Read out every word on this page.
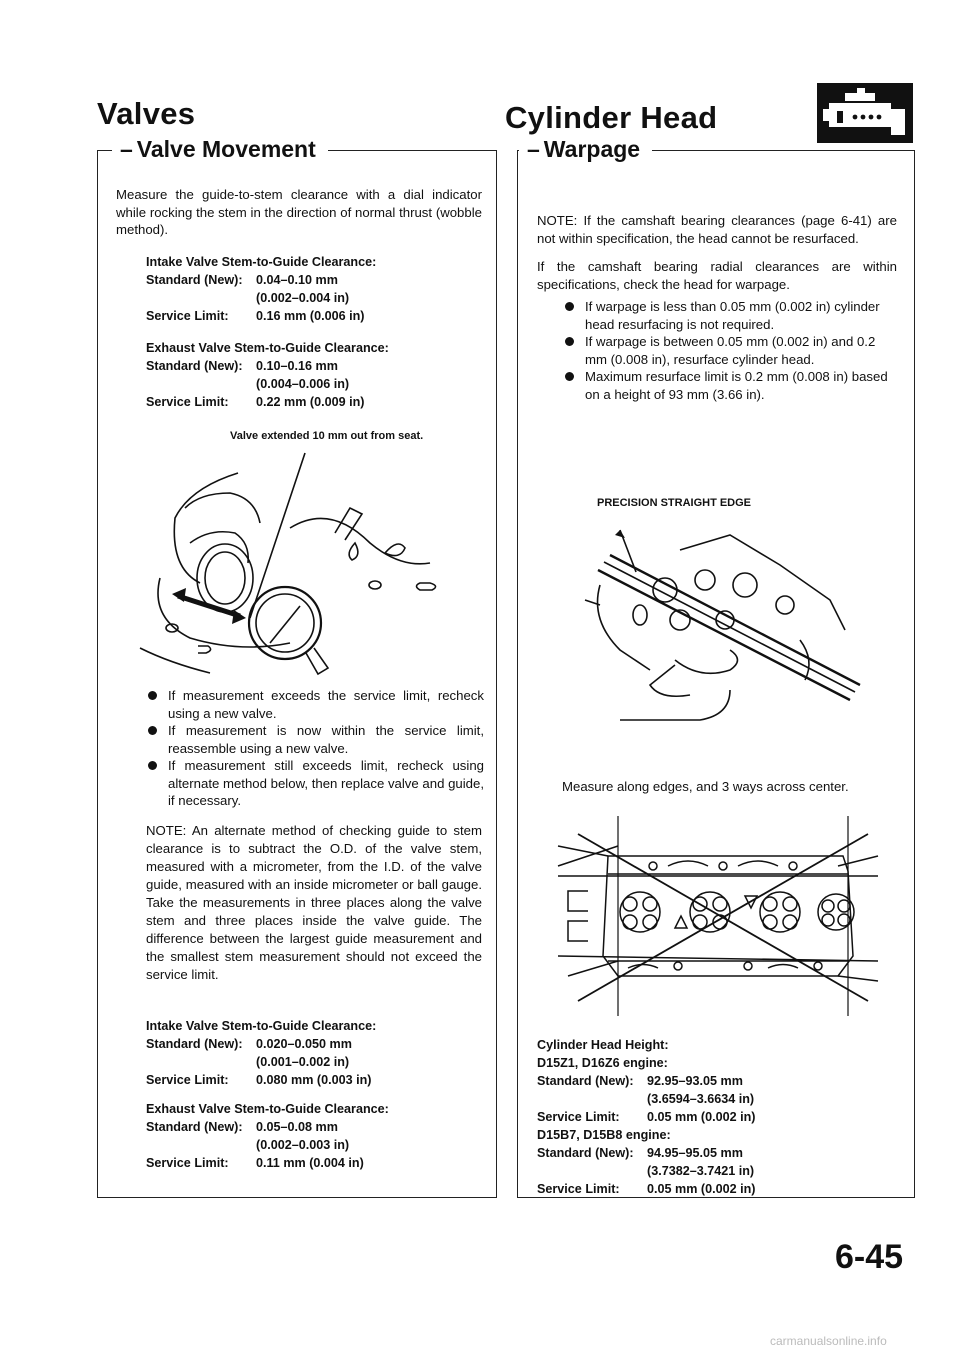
Valves
– Valve Movement
Measure the guide-to-stem clearance with a dial indicator while rocking the stem in the direction of normal thrust (wobble method).
Intake Valve Stem-to-Guide Clearance:
Standard (New): 0.04–0.10 mm
(0.002–0.004 in)
Service Limit: 0.16 mm (0.006 in)
Exhaust Valve Stem-to-Guide Clearance:
Standard (New): 0.10–0.16 mm
(0.004–0.006 in)
Service Limit: 0.22 mm (0.009 in)
Valve extended 10 mm out from seat.
If measurement exceeds the service limit, recheck using a new valve.
If measurement is now within the service limit, reassemble using a new valve.
If measurement still exceeds limit, recheck using alternate method below, then replace valve and guide, if necessary.
NOTE: An alternate method of checking guide to stem clearance is to subtract the O.D. of the valve stem, measured with a micrometer, from the I.D. of the valve guide, measured with an inside micrometer or ball gauge. Take the measurements in three places along the valve stem and three places inside the valve guide. The difference between the largest guide measurement and the smallest stem measurement should not exceed the service limit.
Intake Valve Stem-to-Guide Clearance:
Standard (New): 0.020–0.050 mm
(0.001–0.002 in)
Service Limit: 0.080 mm (0.003 in)
Exhaust Valve Stem-to-Guide Clearance:
Standard (New): 0.05–0.08 mm
(0.002–0.003 in)
Service Limit: 0.11 mm (0.004 in)
Cylinder Head
– Warpage
NOTE: If the camshaft bearing clearances (page 6-41) are not within specification, the head cannot be resurfaced.
If the camshaft bearing radial clearances are within specifications, check the head for warpage.
If warpage is less than 0.05 mm (0.002 in) cylinder head resurfacing is not required.
If warpage is between 0.05 mm (0.002 in) and 0.2 mm (0.008 in), resurface cylinder head.
Maximum resurface limit is 0.2 mm (0.008 in) based on a height of 93 mm (3.66 in).
PRECISION STRAIGHT EDGE
Measure along edges, and 3 ways across center.
Cylinder Head Height:
D15Z1, D16Z6 engine:
Standard (New): 92.95–93.05 mm
(3.6594–3.6634 in)
Service Limit: 0.05 mm (0.002 in)
D15B7, D15B8 engine:
Standard (New): 94.95–95.05 mm
(3.7382–3.7421 in)
Service Limit: 0.05 mm (0.002 in)
6-45
carmanualsonline.info
